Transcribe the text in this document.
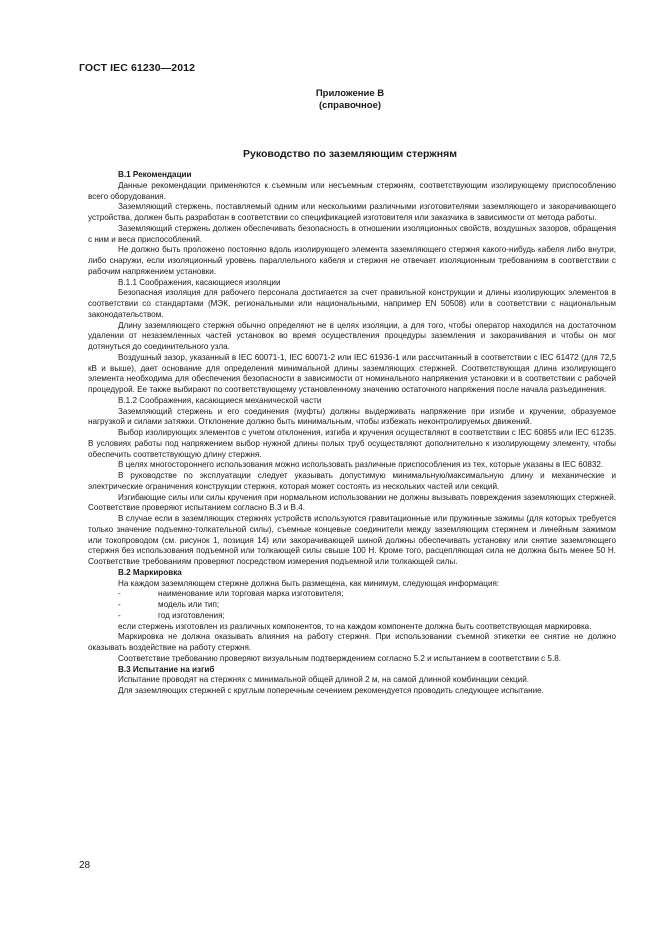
ГОСТ IEC 61230—2012
Приложение В
(справочное)
Руководство по заземляющим стержням

В.1 Рекомендации

Данные рекомендации применяются к съемным или несъемным стержням, соответствующим изолирующему приспособлению всего оборудования.

Заземляющий стержень, поставляемый одним или несколькими различными изготовителями заземляющего и закорачивающего устройства, должен быть разработан в соответствии со спецификацией изготовителя или заказчика в зависимости от метода работы.

Заземляющий стержень должен обеспечивать безопасность в отношении изоляционных свойств, воздушных зазоров, обращения с ним и веса приспособлений.

Не должно быть проложено постоянно вдоль изолирующего элемента заземляющего стержня какого-нибудь кабеля либо внутри, либо снаружи, если изоляционный уровень параллельного кабеля и стержня не отвечает изоляционным требованиям в соответствии с рабочим напряжением установки.

В.1.1 Соображения, касающиеся изоляции

Безопасная изоляция для рабочего персонала достигается за счет правильной конструкции и длины изолирующих элементов в соответствии со стандартами (МЭК, региональными или национальными, например EN 50508) или в соответствии с национальным законодательством.

Длину заземляющего стержня обычно определяют не в целях изоляции, а для того, чтобы оператор находился на достаточном удалении от незаземленных частей установок во время осуществления процедуры заземления и закорачивания и чтобы он мог дотянуться до соединительного узла.

Воздушный зазор, указанный в IEC 60071-1, IEC 60071-2 или IEC 61936-1 или рассчитанный в соответствии с IEC 61472 (для 72,5 кВ и выше), дает основание для определения минимальной длины заземляющих стержней. Соответствующая длина изолирующего элемента необходима для обеспечения безопасности в зависимости от номинального напряжения установки и в соответствии с рабочей процедурой. Ее также выбирают по соответствующему установленному значению остаточного напряжения после начала разъединения.

В.1.2 Соображения, касающиеся механической части

Заземляющий стержень и его соединения (муфты) должны выдерживать напряжение при изгибе и кручении, образуемое нагрузкой и силами затяжки. Отклонение должно быть минимальным, чтобы избежать неконтролируемых движений.

Выбор изолирующих элементов с учетом отклонения, изгиба и кручения осуществляют в соответствии с IEC 60855 или IEC 61235. В условиях работы под напряжением выбор нужной длины полых труб осуществляют дополнительно к изолирующему элементу, чтобы обеспечить соответствующую длину стержня.

В целях многостороннего использования можно использовать различные приспособления из тех, которые указаны в IEC 60832.

В руководстве по эксплуатации следует указывать допустимую минимальную/максимальную длину и механические и электрические ограничения конструкции стержня, которая может состоять из нескольких частей или секций.

Изгибающие силы или силы кручения при нормальном использовании не должны вызывать повреждения заземляющих стержней. Соответствие проверяют испытанием согласно В.3 и В.4.

В случае если в заземляющих стержнях устройств используются гравитационные или пружинные зажимы (для которых требуется только значение подъемно-толкательной силы), съемные концевые соединители между заземляющим стержнем и линейным зажимом или токопроводом (см. рисунок 1, позиция 14) или закорачивающей шиной должны обеспечивать установку или снятие заземляющего стержня без использования подъемной или толкающей силы свыше 100 Н. Кроме того, расцепляющая сила не должна быть менее 50 Н. Соответствие требованиям проверяют посредством измерения подъемной или толкающей силы.

В.2 Маркировка

На каждом заземляющем стержне должна быть размещена, как минимум, следующая информация:

-	наименование или торговая марка изготовителя;

-	модель или тип;

-	год изготовления;

если стержень изготовлен из различных компонентов, то на каждом компоненте должна быть соответствующая маркировка.

Маркировка не должна оказывать влияния на работу стержня. При использовании съемной этикетки ее снятие не должно оказывать воздействие на работу стержня.

Соответствие требованию проверяют визуальным подтверждением согласно 5.2 и испытанием в соответствии с 5.8.

В.3 Испытание на изгиб

Испытание проводят на стержнях с минимальной общей длиной 2 м, на самой длинной комбинации секций.

Для заземляющих стержней с круглым поперечным сечением рекомендуется проводить следующее испытание.

28
